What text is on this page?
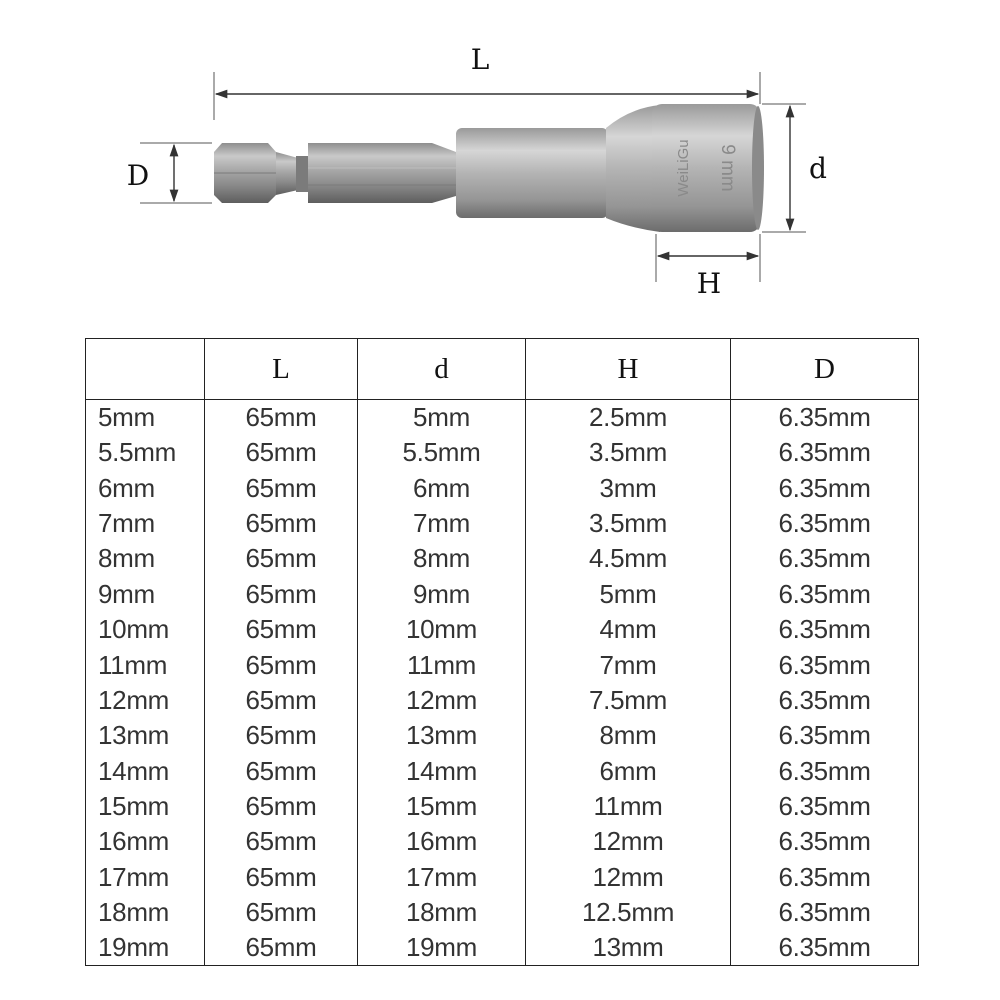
WeiLiGu 9 mm
L
D	d
H
	L	d	H	D
5mm	65mm	5mm	2.5mm	6.35mm
5.5mm	65mm	5.5mm	3.5mm	6.35mm
6mm	65mm	6mm	3mm	6.35mm
7mm	65mm	7mm	3.5mm	6.35mm
8mm	65mm	8mm	4.5mm	6.35mm
9mm	65mm	9mm	5mm	6.35mm
10mm	65mm	10mm	4mm	6.35mm
11mm	65mm	11mm	7mm	6.35mm
12mm	65mm	12mm	7.5mm	6.35mm
13mm	65mm	13mm	8mm	6.35mm
14mm	65mm	14mm	6mm	6.35mm
15mm	65mm	15mm	11mm	6.35mm
16mm	65mm	16mm	12mm	6.35mm
17mm	65mm	17mm	12mm	6.35mm
18mm	65mm	18mm	12.5mm	6.35mm
19mm	65mm	19mm	13mm	6.35mm
